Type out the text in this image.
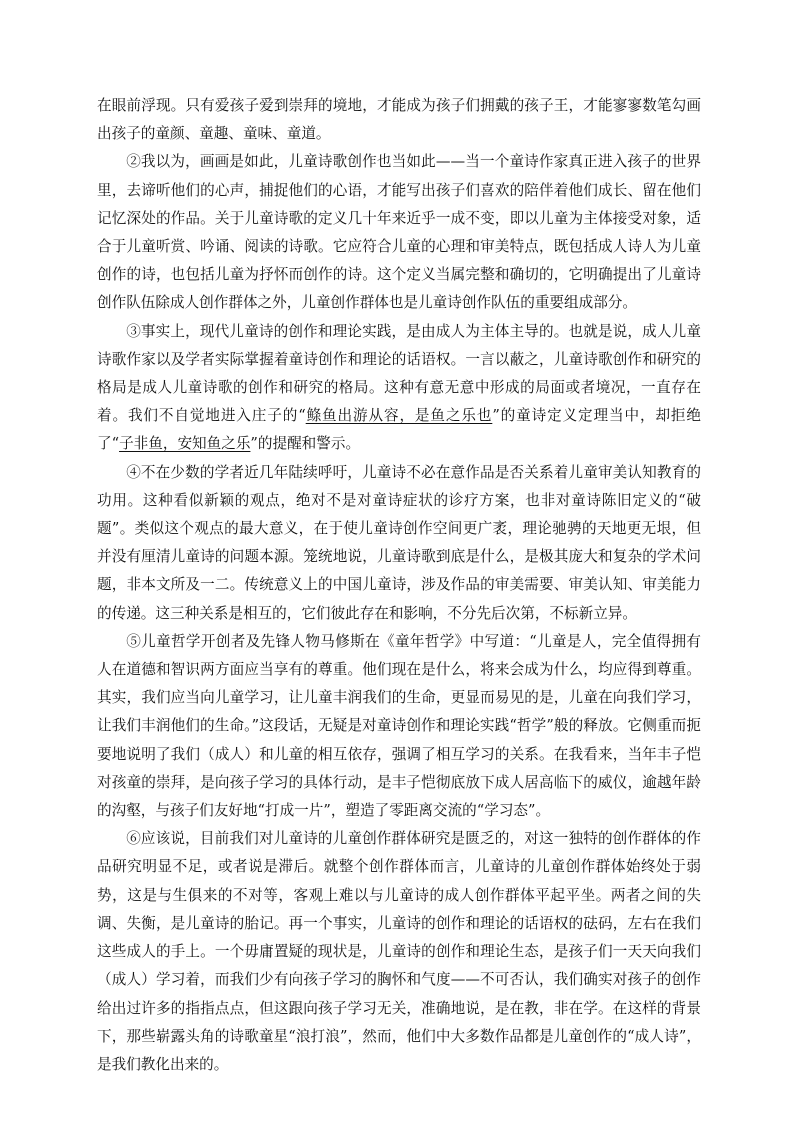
在眼前浮现。只有爱孩子爱到崇拜的境地，才能成为孩子们拥戴的孩子王，才能寥寥数笔勾画出孩子的童颜、童趣、童味、童道。

②我以为，画画是如此，儿童诗歌创作也当如此——当一个童诗作家真正进入孩子的世界里，去谛听他们的心声，捕捉他们的心语，才能写出孩子们喜欢的陪伴着他们成长、留在他们记忆深处的作品。关于儿童诗歌的定义几十年来近乎一成不变，即以儿童为主体接受对象，适合于儿童听赏、吟诵、阅读的诗歌。它应符合儿童的心理和审美特点，既包括成人诗人为儿童创作的诗，也包括儿童为抒怀而创作的诗。这个定义当属完整和确切的，它明确提出了儿童诗创作队伍除成人创作群体之外，儿童创作群体也是儿童诗创作队伍的重要组成部分。

③事实上，现代儿童诗的创作和理论实践，是由成人为主体主导的。也就是说，成人儿童诗歌作家以及学者实际掌握着童诗创作和理论的话语权。一言以蔽之，儿童诗歌创作和研究的格局是成人儿童诗歌的创作和研究的格局。这种有意无意中形成的局面或者境况，一直存在着。我们不自觉地进入庄子的“鲦鱼出游从容，是鱼之乐也”的童诗定义定理当中，却拒绝了“子非鱼，安知鱼之乐”的提醒和警示。

④不在少数的学者近几年陆续呼吁，儿童诗不必在意作品是否关系着儿童审美认知教育的功用。这种看似新颖的观点，绝对不是对童诗症状的诊疗方案，也非对童诗陈旧定义的“破题”。类似这个观点的最大意义，在于使儿童诗创作空间更广袤，理论驰骋的天地更无垠，但并没有厘清儿童诗的问题本源。笼统地说，儿童诗歌到底是什么，是极其庞大和复杂的学术问题，非本文所及一二。传统意义上的中国儿童诗，涉及作品的审美需要、审美认知、审美能力的传递。这三种关系是相互的，它们彼此存在和影响，不分先后次第，不标新立异。

⑤儿童哲学开创者及先锋人物马修斯在《童年哲学》中写道：“儿童是人，完全值得拥有人在道德和智识两方面应当享有的尊重。他们现在是什么，将来会成为什么，均应得到尊重。其实，我们应当向儿童学习，让儿童丰润我们的生命，更显而易见的是，儿童在向我们学习，让我们丰润他们的生命。”这段话，无疑是对童诗创作和理论实践“哲学”般的释放。它侧重而扼要地说明了我们（成人）和儿童的相互依存，强调了相互学习的关系。在我看来，当年丰子恺对孩童的崇拜，是向孩子学习的具体行动，是丰子恺彻底放下成人居高临下的威仪，逾越年龄的沟壑，与孩子们友好地“打成一片”，塑造了零距离交流的“学习态”。

⑥应该说，目前我们对儿童诗的儿童创作群体研究是匮乏的，对这一独特的创作群体的作品研究明显不足，或者说是滞后。就整个创作群体而言，儿童诗的儿童创作群体始终处于弱势，这是与生俱来的不对等，客观上难以与儿童诗的成人创作群体平起平坐。两者之间的失调、失衡，是儿童诗的胎记。再一个事实，儿童诗的创作和理论的话语权的砝码，左右在我们这些成人的手上。一个毋庸置疑的现状是，儿童诗的创作和理论生态，是孩子们一天天向我们（成人）学习着，而我们少有向孩子学习的胸怀和气度——不可否认，我们确实对孩子的创作给出过许多的指指点点，但这跟向孩子学习无关，准确地说，是在教，非在学。在这样的背景下，那些崭露头角的诗歌童星“浪打浪”，然而，他们中大多数作品都是儿童创作的“成人诗”，是我们教化出来的。
